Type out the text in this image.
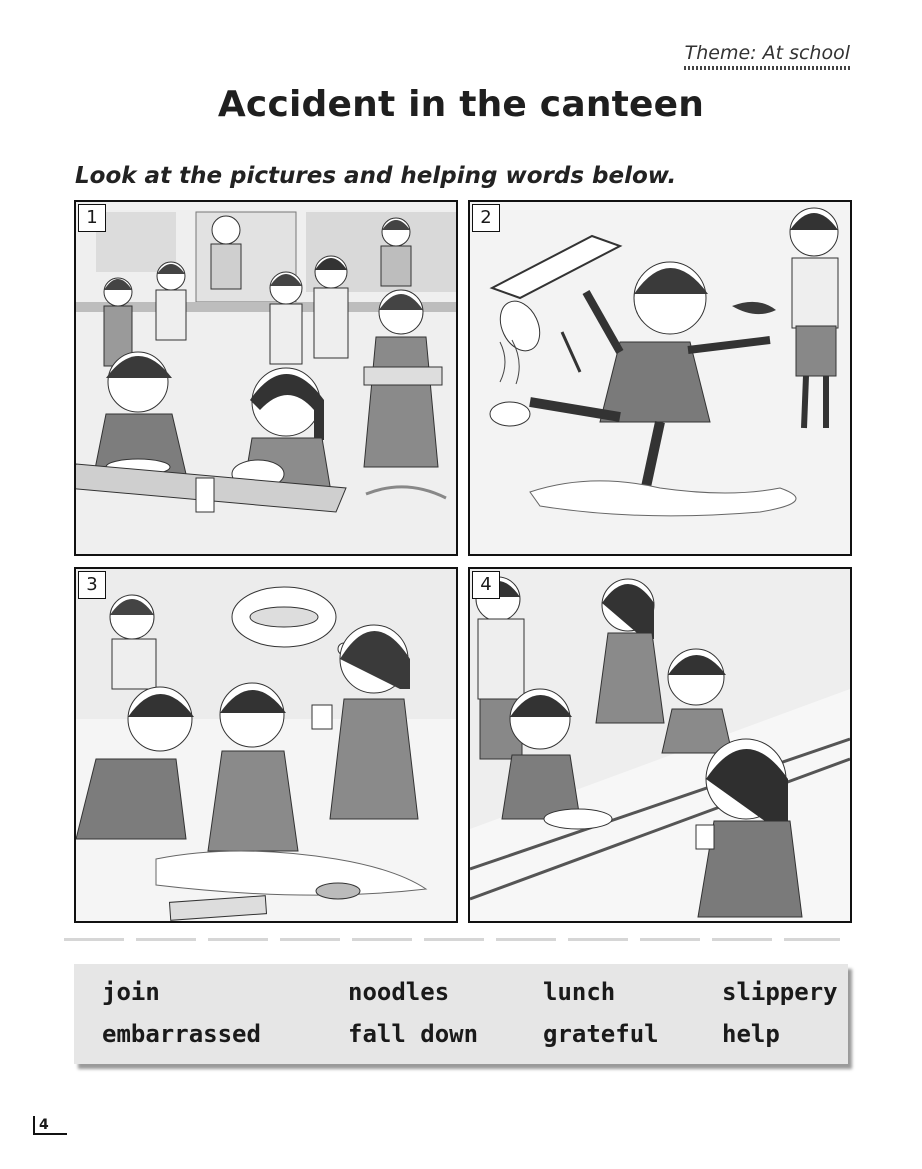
Theme: At school
Accident in the canteen
Look at the pictures and helping words below.
1	2
3	4
join	noodles	lunch	slippery
embarrassed	fall down	grateful	help
4
